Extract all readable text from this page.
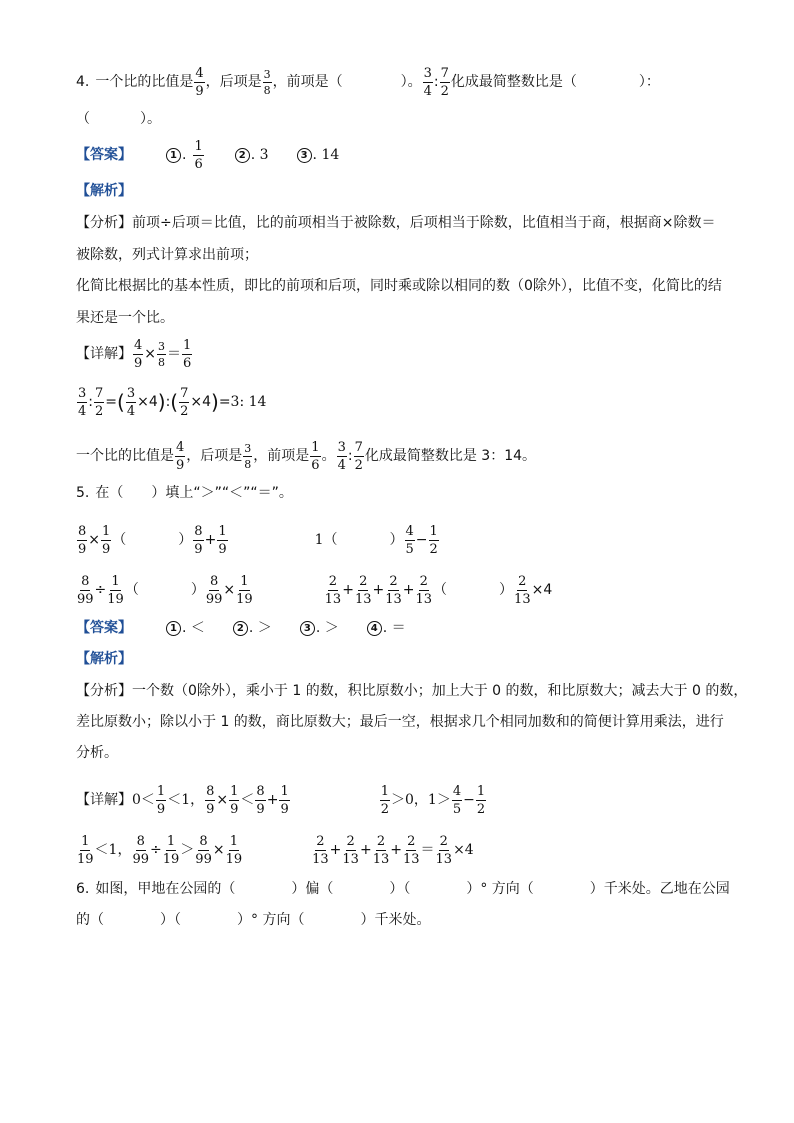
4. 一个比的比值是 $\frac{4}{9}$ ，后项是 $\frac{3}{8}$ ，前项是（	）。 $\frac{3}{4}$ : $\frac{7}{2}$ 化成最简整数比是（	）：
（	）。
【答案】	1 . $\frac{1}{6}$	2 . 3	3 . 14
【解析】
【分析】 前项÷后项＝比值，比的前项相当于被除数，后项相当于除数，比值相当于商，根据商×除数＝
被除数，列式计算求出前项；
化简比根据比的基本性质，即比的前项和后项，同时乘或除以相同的数（0除外），比值不变，化简比的结
果还是一个比。
【详解】 $\frac{4}{9} \times \frac{3}{8} = \frac{1}{6}$
$\frac{3}{4}$ : $\frac{7}{2}$ = ( $\frac{3}{4} \times 4$ ) : ( $\frac{7}{2} \times 4$ ) =3: 14
一个比的比值是 $\frac{4}{9}$ ，后项是 $\frac{3}{8}$ ，前项是 $\frac{1}{6}$ 。 $\frac{3}{4}$ : $\frac{7}{2}$ 化成最简整数比是 3：14。
5. 在（　　）填上“＞”“＜”“＝”。
$\frac{8}{9} \times \frac{1}{9}$ （	） $\frac{8}{9} + \frac{1}{9}$	1 （	） $\frac{4}{5} - \frac{1}{2}$
$\frac{8}{99} \div \frac{1}{19}$ （	） $\frac{8}{99} \times \frac{1}{19}$	$\frac{2}{13} + \frac{2}{13} + \frac{2}{13} + \frac{2}{13}$ （	） $\frac{2}{13} \times 4$
【答案】	1 . ＜	2 . ＞	3 . ＞	4 . ＝
【解析】
【分析】 一个数（0除外），乘小于 1 的数，积比原数小；加上大于 0 的数，和比原数大；减去大于 0 的数，
差比原数小；除以小于 1 的数，商比原数大；最后一空，根据求几个相同加数和的简便计算用乘法，进行
分析。
【详解】 $0 < \frac{1}{9} < 1$， $\frac{8}{9} \times \frac{1}{9} < \frac{8}{9} + \frac{1}{9}$	$\frac{1}{2} >0$，$1> \frac{4}{5} - \frac{1}{2}$
$\frac{1}{19} < 1$， $\frac{8}{99} \div \frac{1}{19} > \frac{8}{99} \times \frac{1}{19}$	$\frac{2}{13} + \frac{2}{13} + \frac{2}{13} + \frac{2}{13} = \frac{2}{13} \times 4$
6. 如图，甲地在公园的（　　　　）偏（　　　　）（　　　　）° 方向（　　　　）千米处。乙地在公园
的（　　　　）（　　　　）° 方向（　　　　）千米处。
